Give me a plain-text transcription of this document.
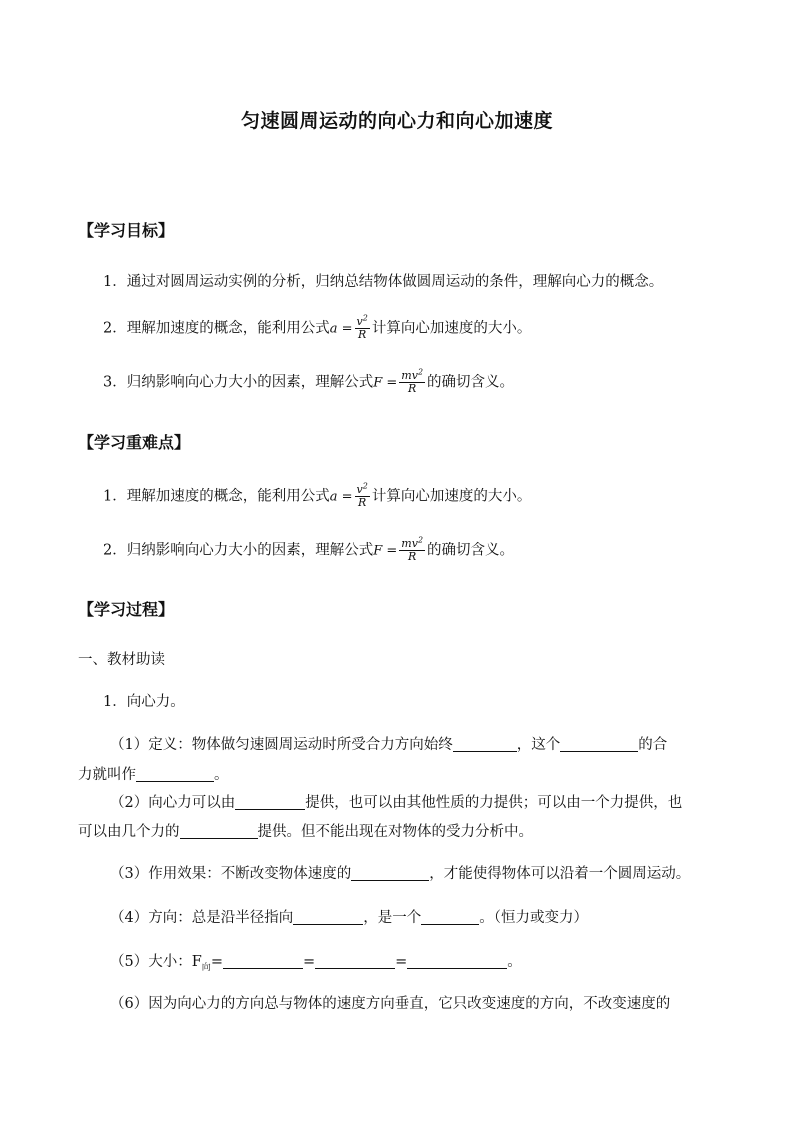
匀速圆周运动的向心力和向心加速度
【学习目标】
1．通过对圆周运动实例的分析，归纳总结物体做圆周运动的条件，理解向心力的概念。
2．理解加速度的概念，能利用公式$a = \frac{v^2}{R}$ 计算向心加速度的大小。
3．归纳影响向心力大小的因素，理解公式$F = \frac{mv^2}{R}$ 的确切含义。
【学习重难点】
1．理解加速度的概念，能利用公式$a = \frac{v^2}{R}$ 计算向心加速度的大小。
2．归纳影响向心力大小的因素，理解公式$F = \frac{mv^2}{R}$ 的确切含义。
【学习过程】
一、教材助读
1．向心力。
（1）定义：物体做匀速圆周运动时所受合力方向始终	，这个	的合
力就叫作	。
（2）向心力可以由	提供，也可以由其他性质的力提供；可以由一个力提供，也
可以由几个力的	提供。但不能出现在对物体的受力分析中。
（3）作用效果：不断改变物体速度的	，才能使得物体可以沿着一个圆周运动。
（4）方向：总是沿半径指向	，是一个	。（恒力或变力）
（5）大小：$F_向=$	=	=	。
（6）因为向心力的方向总与物体的速度方向垂直，它只改变速度的方向，不改变速度的
